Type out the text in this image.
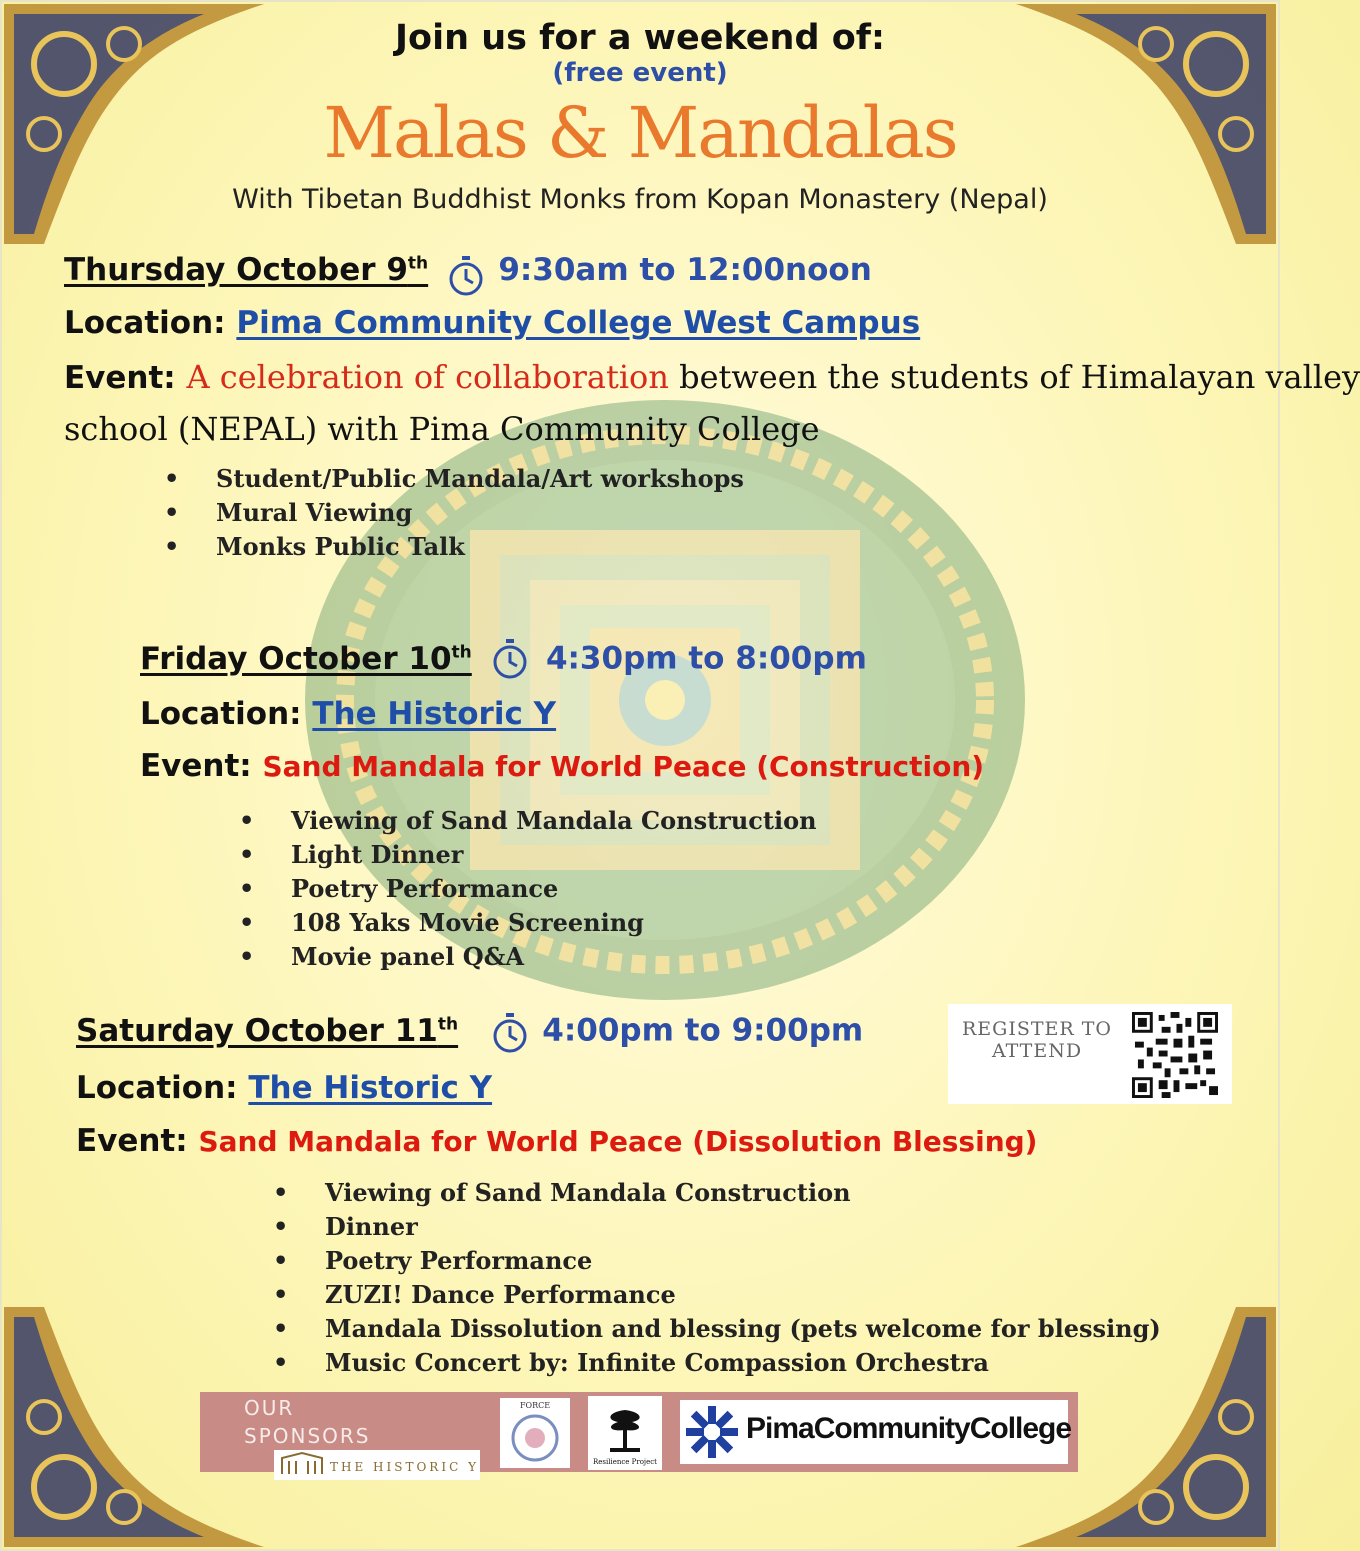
Join us for a weekend of:
(free event)
Malas & Mandalas
With Tibetan Buddhist Monks from Kopan Monastery (Nepal)
Thursday October 9th 9:30am to 12:00noon
Location: Pima Community College West Campus
Event: A celebration of collaboration between the students of Himalayan valley
school (NEPAL) with Pima Community College
• Student/Public Mandala/Art workshops
• Mural Viewing
• Monks Public Talk
Friday October 10th 4:30pm to 8:00pm
Location: The Historic Y
Event: Sand Mandala for World Peace (Construction)
• Viewing of Sand Mandala Construction
• Light Dinner
• Poetry Performance
• 108 Yaks Movie Screening
• Movie panel Q&A
Saturday October 11th	4:00pm to 9:00pm
Location: The Historic Y
Event: Sand Mandala for World Peace (Dissolution Blessing)
• Viewing of Sand Mandala Construction
• Dinner
• Poetry Performance
• ZUZI! Dance Performance
• Mandala Dissolution and blessing (pets welcome for blessing)
• Music Concert by: Infinite Compassion Orchestra
REGISTER TO ATTEND
OUR
SPONSORS
FORCE
Resilience Project
PimaCommunityCollege
THE HISTORIC Y
